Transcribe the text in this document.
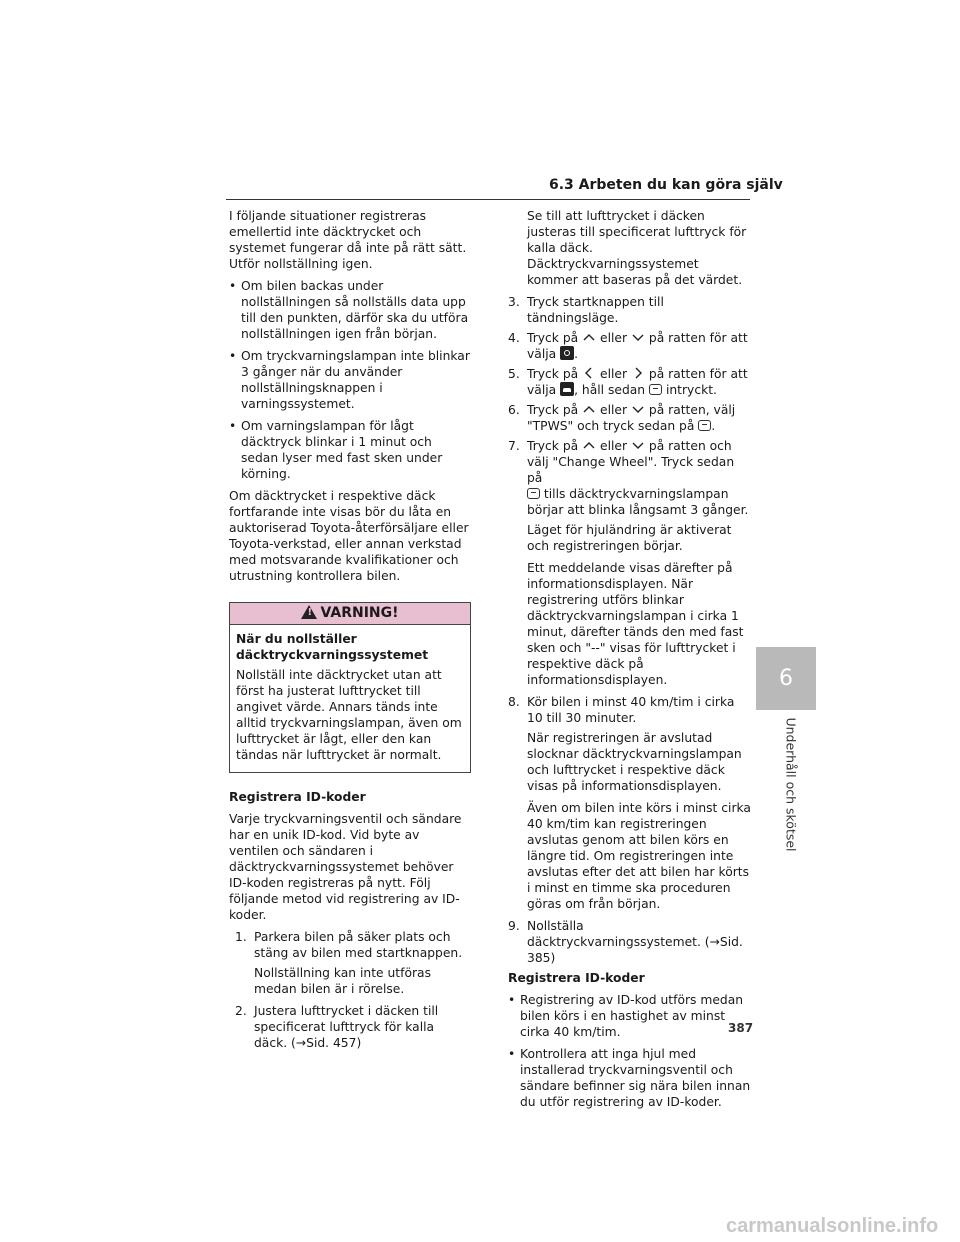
6.3 Arbeten du kan göra själv

I följande situationer registreras emellertid inte däcktrycket och systemet fungerar då inte på rätt sätt. Utför nollställning igen.

• Om bilen backas under nollställningen så nollställs data upp till den punkten, därför ska du utföra nollställningen igen från början.
• Om tryckvarningslampan inte blinkar 3 gånger när du använder nollställningsknappen i varningssystemet.
• Om varningslampan för lågt däcktryck blinkar i 1 minut och sedan lyser med fast sken under körning.

Om däcktrycket i respektive däck fortfarande inte visas bör du låta en auktoriserad Toyota-återförsäljare eller Toyota-verkstad, eller annan verkstad med motsvarande kvalifikationer och utrustning kontrollera bilen.

!VARNING!

När du nollställer däcktryckvarningssystemet

Nollställ inte däcktrycket utan att först ha justerat lufttrycket till angivet värde. Annars tänds inte alltid tryckvarningslampan, även om lufttrycket är lågt, eller den kan tändas när lufttrycket är normalt.

Registrera ID-koder

Varje tryckvarningsventil och sändare har en unik ID-kod. Vid byte av ventilen och sändaren i däcktryckvarningssystemet behöver ID-koden registreras på nytt. Följ följande metod vid registrering av ID-koder.

1. Parkera bilen på säker plats och stäng av bilen med startknappen.
Nollställning kan inte utföras medan bilen är i rörelse.
2. Justera lufttrycket i däcken till specificerat lufttryck för kalla däck. (→Sid. 457)
Se till att lufttrycket i däcken justeras till specificerat lufttryck för kalla däck. Däcktryckvarningssystemet kommer att baseras på det värdet.
3. Tryck startknappen till tändningsläge.
4. Tryck på eller på ratten för att
välja .
5. Tryck på eller på ratten för att
välja , håll sedan intryckt.
6. Tryck på eller på ratten, välj
"TPWS" och tryck sedan på .
7. Tryck på eller på ratten och
välj "Change Wheel". Tryck sedan på
tills däcktryckvarningslampan börjar att blinka långsamt 3 gånger.
Läget för hjuländring är aktiverat och registreringen börjar.
Ett meddelande visas därefter på informationsdisplayen. När registrering utförs blinkar däcktryckvarningslampan i cirka 1 minut, därefter tänds den med fast sken och "--" visas för lufttrycket i respektive däck på informationsdisplayen.
8. Kör bilen i minst 40 km/tim i cirka 10 till 30 minuter.
När registreringen är avslutad slocknar däcktryckvarningslampan och lufttrycket i respektive däck visas på informationsdisplayen.
Även om bilen inte körs i minst cirka 40 km/tim kan registreringen avslutas genom att bilen körs en längre tid. Om registreringen inte avslutas efter det att bilen har körts i minst en timme ska proceduren göras om från början.
9. Nollställa däcktryckvarningssystemet. (→Sid. 385)

Registrera ID-koder

• Registrering av ID-kod utförs medan bilen körs i en hastighet av minst cirka 40 km/tim.
• Kontrollera att inga hjul med installerad tryckvarningsventil och sändare befinner sig nära bilen innan du utför registrering av ID-koder.
6
Underhåll och skötsel
387
carmanualsonline.info
